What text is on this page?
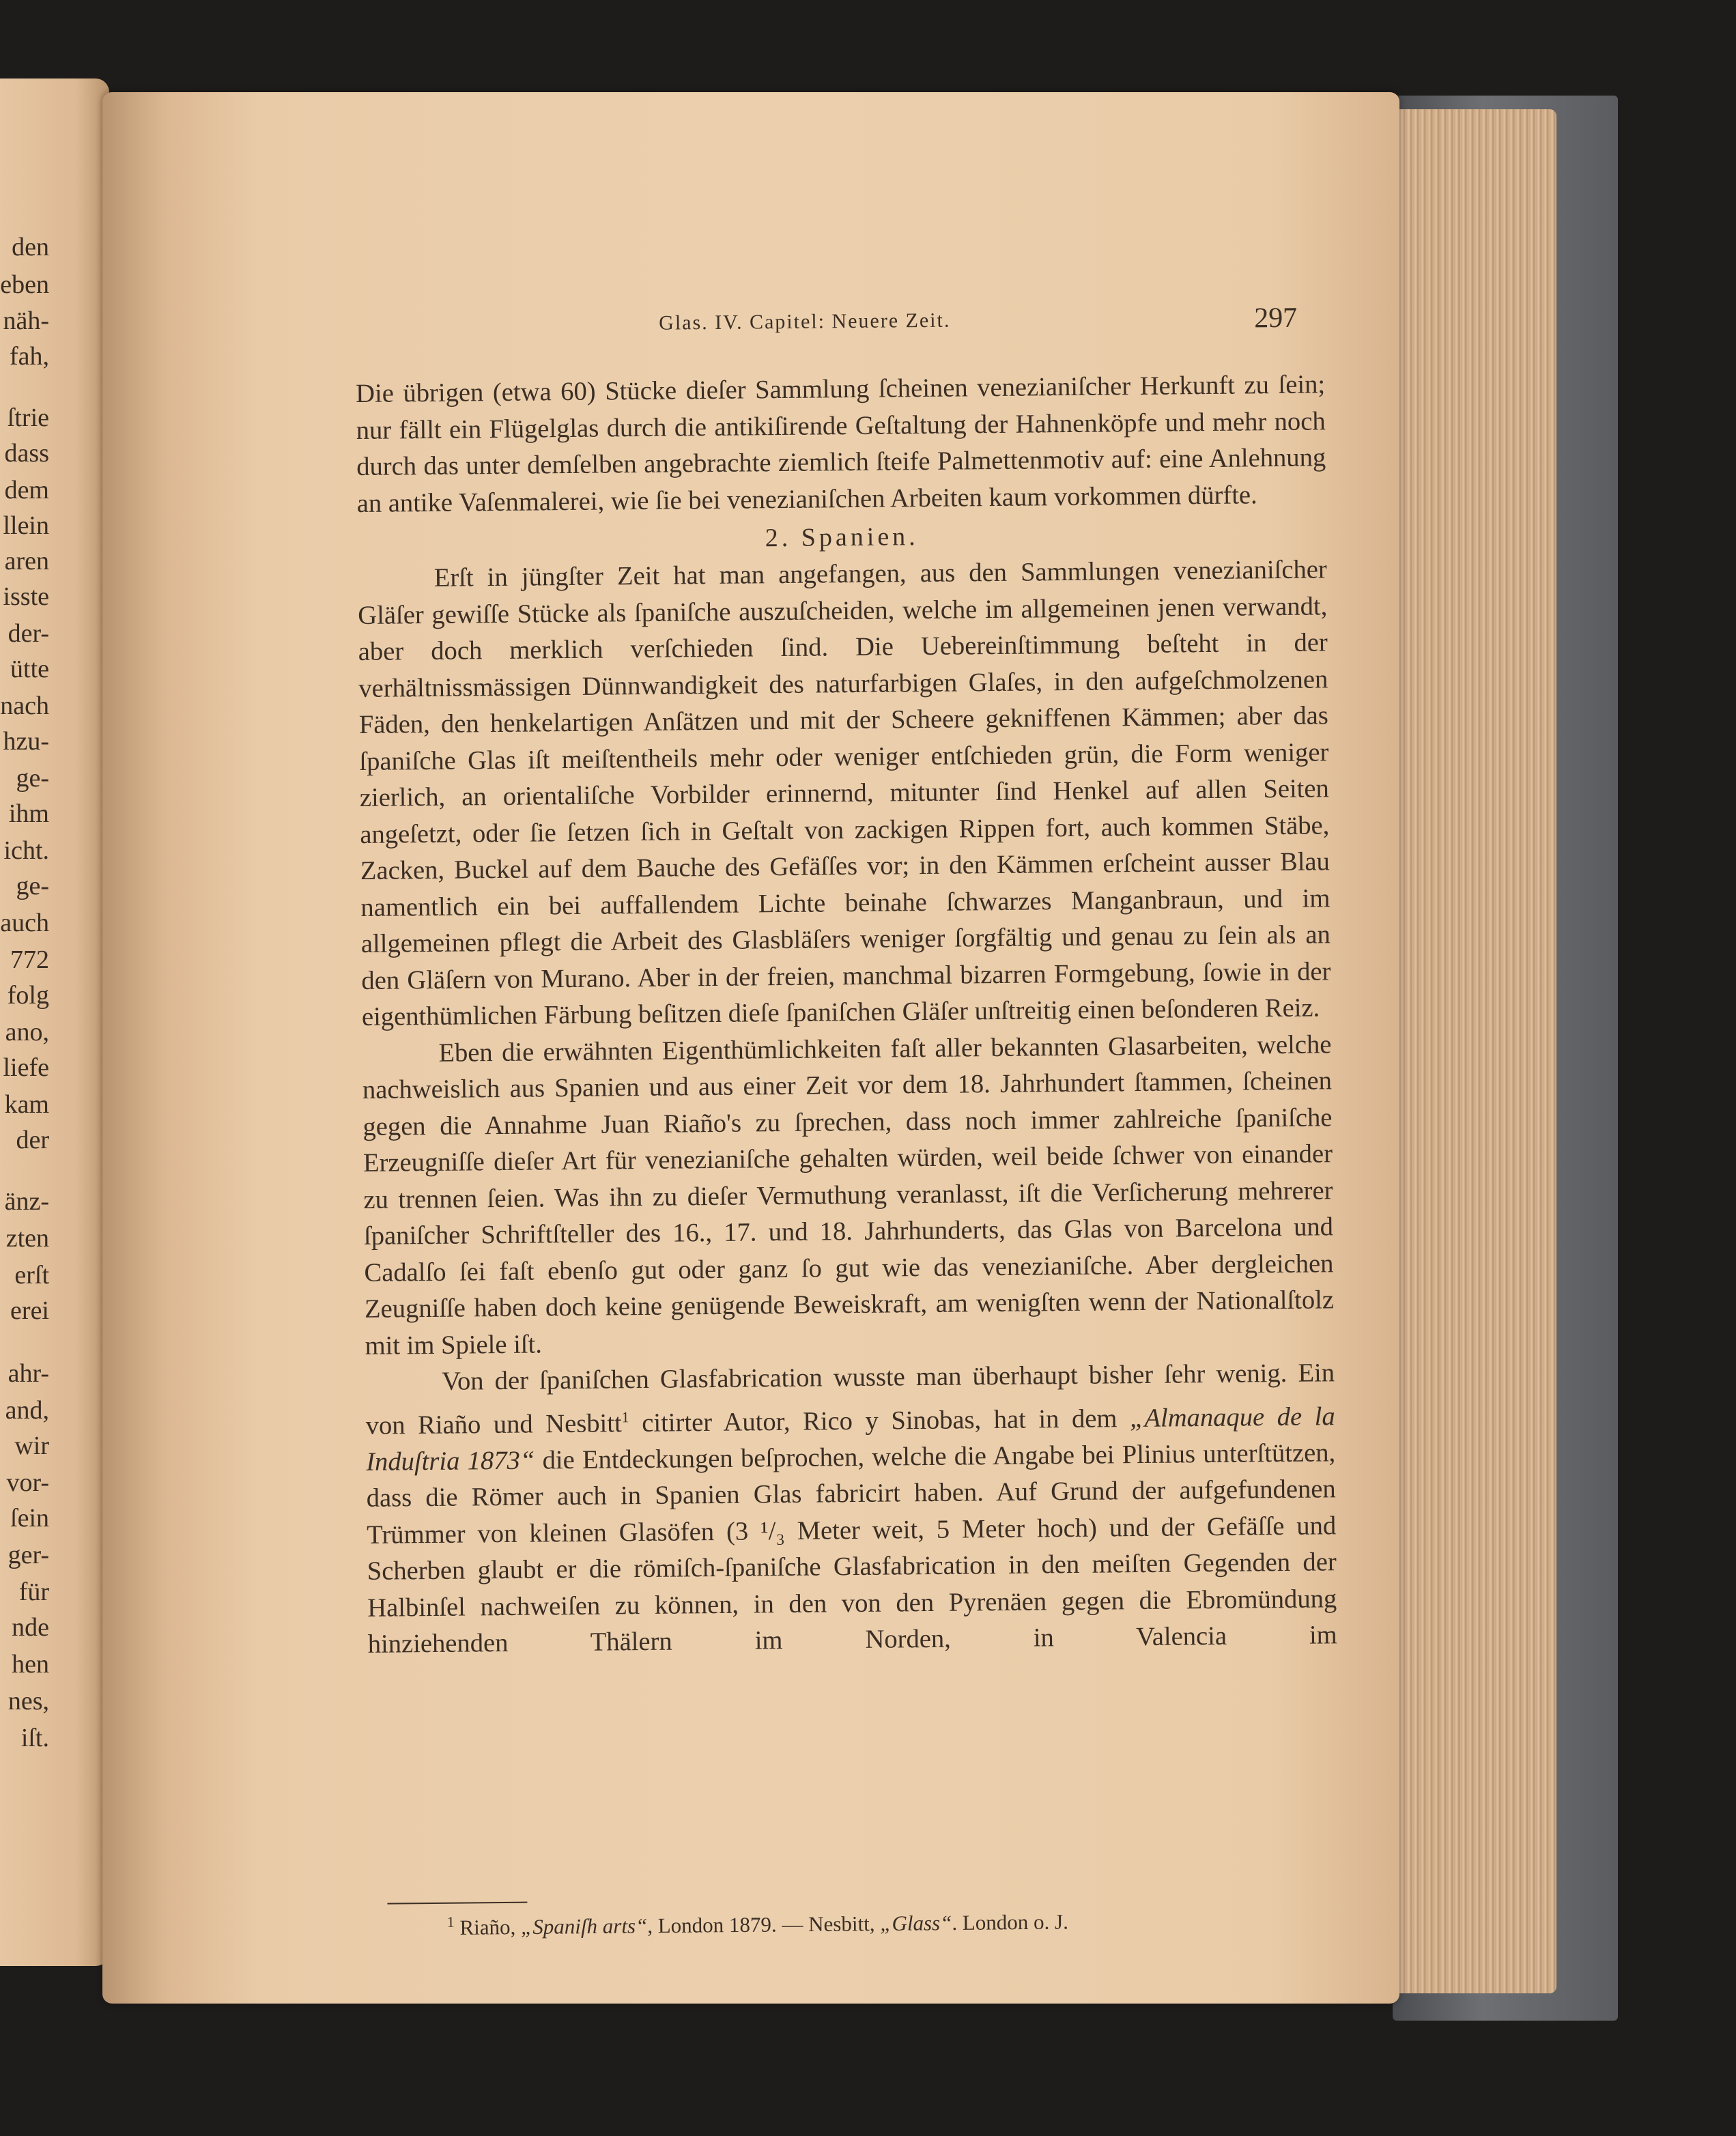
den
eben
näh-
fah,
ſtrie
dass
dem
llein
aren
isste
der-
ütte
nach
hzu-
ge-
ihm
icht.
ge-
auch
772
folg
ano,
liefe
kam
der
änz-
zten
erſt
erei
ahr-
and,
wir
vor-
ſein
ger-
für
nde
hen
nes,
iſt.
Glas. IV. Capitel: Neuere Zeit.	297

Die übrigen (etwa 60) Stücke dieſer Sammlung ſcheinen venezianiſcher Herkunft zu ſein; nur fällt ein Flügelglas durch die antikiſirende Geſtaltung der Hahnenköpfe und mehr noch durch das unter demſelben angebrachte ziemlich ſteife Palmettenmotiv auf: eine Anlehnung an antike Vaſenmalerei, wie ſie bei venezianiſchen Arbeiten kaum vorkommen dürfte.

2. Spanien.

Erſt in jüngſter Zeit hat man angefangen, aus den Sammlungen venezianiſcher Gläſer gewiſſe Stücke als ſpaniſche auszuſcheiden, welche im allgemeinen jenen verwandt, aber doch merklich verſchieden ſind. Die Uebereinſtimmung beſteht in der verhältnissmässigen Dünnwandigkeit des naturfarbigen Glaſes, in den aufgeſchmolzenen Fäden, den henkelartigen Anſätzen und mit der Scheere gekniffenen Kämmen; aber das ſpaniſche Glas iſt meiſtentheils mehr oder weniger entſchieden grün, die Form weniger zierlich, an orientaliſche Vorbilder erinnernd, mitunter ſind Henkel auf allen Seiten angeſetzt, oder ſie ſetzen ſich in Geſtalt von zackigen Rippen fort, auch kommen Stäbe, Zacken, Buckel auf dem Bauche des Gefäſſes vor; in den Kämmen erſcheint ausser Blau namentlich ein bei auffallendem Lichte beinahe ſchwarzes Manganbraun, und im allgemeinen pflegt die Arbeit des Glasbläſers weniger ſorgfältig und genau zu ſein als an den Gläſern von Murano. Aber in der freien, manchmal bizarren Formgebung, ſowie in der eigenthümlichen Färbung beſitzen dieſe ſpaniſchen Gläſer unſtreitig einen beſonderen Reiz.

Eben die erwähnten Eigenthümlichkeiten faſt aller bekannten Glasarbeiten, welche nachweislich aus Spanien und aus einer Zeit vor dem 18. Jahrhundert ſtammen, ſcheinen gegen die Annahme Juan Riaño's zu ſprechen, dass noch immer zahlreiche ſpaniſche Erzeugniſſe dieſer Art für venezianiſche gehalten würden, weil beide ſchwer von einander zu trennen ſeien. Was ihn zu dieſer Vermuthung veranlasst, iſt die Verſicherung mehrerer ſpaniſcher Schriftſteller des 16., 17. und 18. Jahrhunderts, das Glas von Barcelona und Cadalſo ſei faſt ebenſo gut oder ganz ſo gut wie das venezianiſche. Aber dergleichen Zeugniſſe haben doch keine genügende Beweiskraft, am wenigſten wenn der Nationalſtolz mit im Spiele iſt.

Von der ſpaniſchen Glasfabrication wusste man überhaupt bisher ſehr wenig. Ein von Riaño und Nesbitt$^1$ citirter Autor, Rico y Sinobas, hat in dem „Almanaque de la Induſtria 1873“ die Entdeckungen beſprochen, welche die Angabe bei Plinius unterſtützen, dass die Römer auch in Spanien Glas fabricirt haben. Auf Grund der aufgefundenen Trümmer von kleinen Glasöfen (3 ¹/₃ Meter weit, 5 Meter hoch) und der Gefäſſe und Scherben glaubt er die römiſch-ſpaniſche Glasfabrication in den meiſten Gegenden der Halbinſel nachweiſen zu können, in den von den Pyrenäen gegen die Ebromündung hinziehenden Thälern im Norden, in Valencia im

$^1$ Riaño, „Spaniſh arts“, London 1879. — Nesbitt, „Glass“. London o. J.
